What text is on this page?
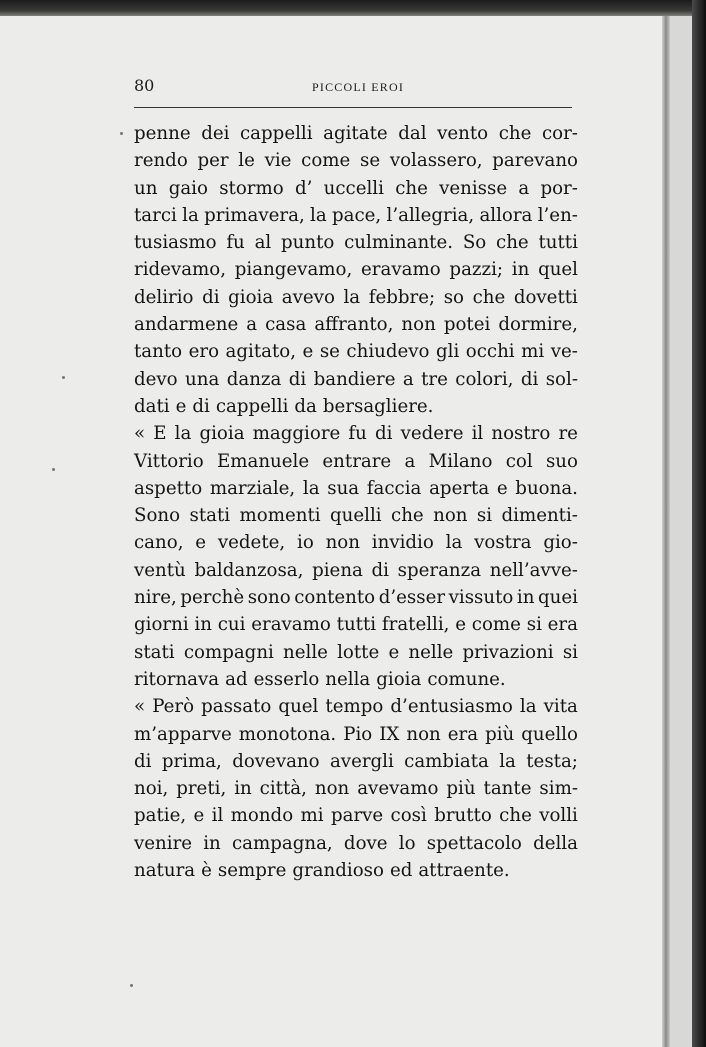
80	PICCOLI EROI
penne dei cappelli agitate dal vento che cor-
rendo per le vie come se volassero, parevano
un gaio stormo d’ uccelli che venisse a por-
tarci la primavera, la pace, l’allegria, allora l’en-
tusiasmo fu al punto culminante. So che tutti
ridevamo, piangevamo, eravamo pazzi; in quel
delirio di gioia avevo la febbre; so che dovetti
andarmene a casa affranto, non potei dormire,
tanto ero agitato, e se chiudevo gli occhi mi ve-
devo una danza di bandiere a tre colori, di sol-
dati e di cappelli da bersagliere.
« E la gioia maggiore fu di vedere il nostro re
Vittorio Emanuele entrare a Milano col suo
aspetto marziale, la sua faccia aperta e buona.
Sono stati momenti quelli che non si dimenti-
cano, e vedete, io non invidio la vostra gio-
ventù baldanzosa, piena di speranza nell’avve-
nire, perchè sono contento d’esser vissuto in quei
giorni in cui eravamo tutti fratelli, e come si era
stati compagni nelle lotte e nelle privazioni si
ritornava ad esserlo nella gioia comune.
« Però passato quel tempo d’entusiasmo la vita
m’apparve monotona. Pio IX non era più quello
di prima, dovevano avergli cambiata la testa;
noi, preti, in città, non avevamo più tante sim-
patie, e il mondo mi parve così brutto che volli
venire in campagna, dove lo spettacolo della
natura è sempre grandioso ed attraente.
